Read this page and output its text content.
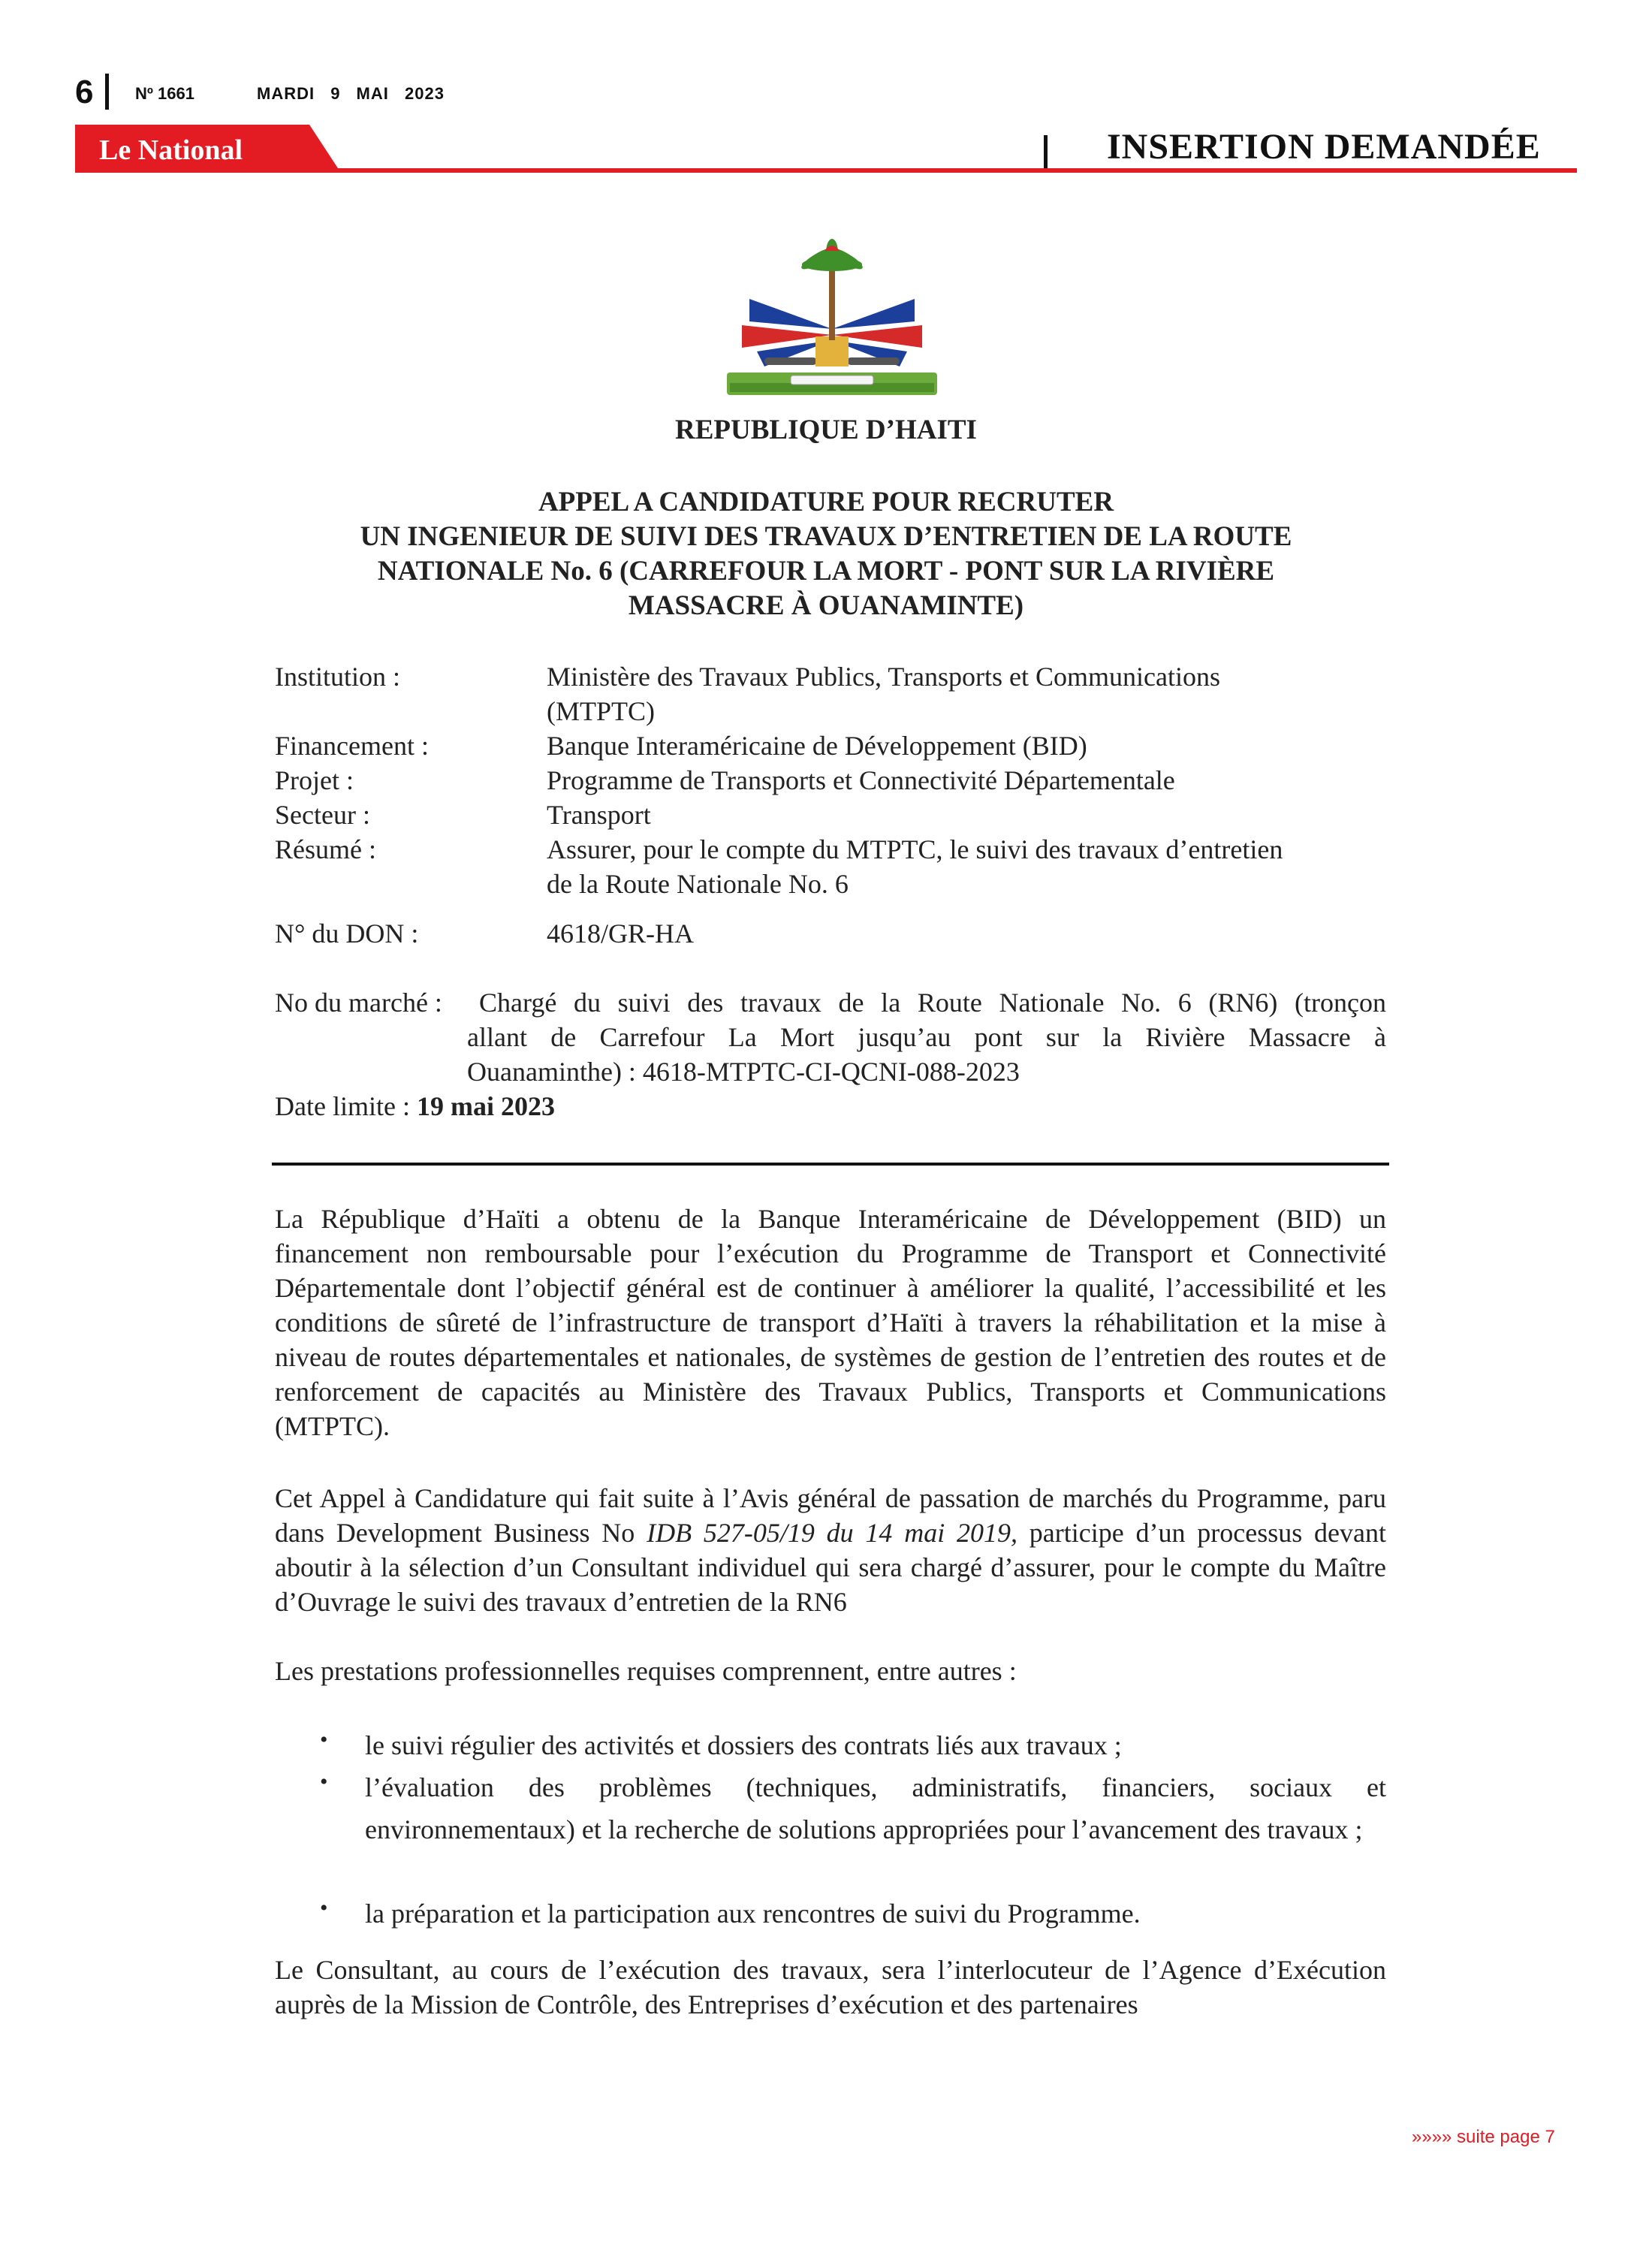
6	Nº 1661	MARDI 9 MAI 2023
Le National	INSERTION DEMANDÉE
REPUBLIQUE D’HAITI
APPEL A CANDIDATURE POUR RECRUTER
UN INGENIEUR DE SUIVI DES TRAVAUX D’ENTRETIEN DE LA ROUTE
NATIONALE No. 6 (CARREFOUR LA MORT - PONT SUR LA RIVIÈRE
MASSACRE À OUANAMINTE)
Institution :	Ministère des Travaux Publics, Transports et Communications
(MTPTC)
Financement :	Banque Interaméricaine de Développement (BID)
Projet :	Programme de Transports et Connectivité Départementale
Secteur :	Transport
Résumé :	Assurer, pour le compte du MTPTC, le suivi des travaux d’entretien
de la Route Nationale No. 6
N° du DON :	4618/GR-HA
No du marché : Chargé du suivi des travaux de la Route Nationale No. 6 (RN6) (tronçon
allant de Carrefour La Mort jusqu’au pont sur la Rivière Massacre à
Ouanaminthe) : 4618-MTPTC-CI-QCNI-088-2023
Date limite : 19 mai 2023
La République d’Haïti a obtenu de la Banque Interaméricaine de Développement (BID) un financement non remboursable pour l’exécution du Programme de Transport et Connectivité Départementale dont l’objectif général est de continuer à améliorer la qualité, l’accessibilité et les conditions de sûreté de l’infrastructure de transport d’Haïti à travers la réhabilitation et la mise à niveau de routes départementales et nationales, de systèmes de gestion de l’entretien des routes et de renforcement de capacités au Ministère des Travaux Publics, Transports et Communications (MTPTC).
Cet Appel à Candidature qui fait suite à l’Avis général de passation de marchés du Programme, paru dans Development Business No IDB 527-05/19 du 14 mai 2019, participe d’un processus devant aboutir à la sélection d’un Consultant individuel qui sera chargé d’assurer, pour le compte du Maître d’Ouvrage le suivi des travaux d’entretien de la RN6
Les prestations professionnelles requises comprennent, entre autres :
• le suivi régulier des activités et dossiers des contrats liés aux travaux ;
• l’évaluation des problèmes (techniques, administratifs, financiers, sociaux et environnementaux) et la recherche de solutions appropriées pour l’avancement des travaux ;
• la préparation et la participation aux rencontres de suivi du Programme.
Le Consultant, au cours de l’exécution des travaux, sera l’interlocuteur de l’Agence d’Exécution auprès de la Mission de Contrôle, des Entreprises d’exécution et des partenaires
»»»» suite page 7
